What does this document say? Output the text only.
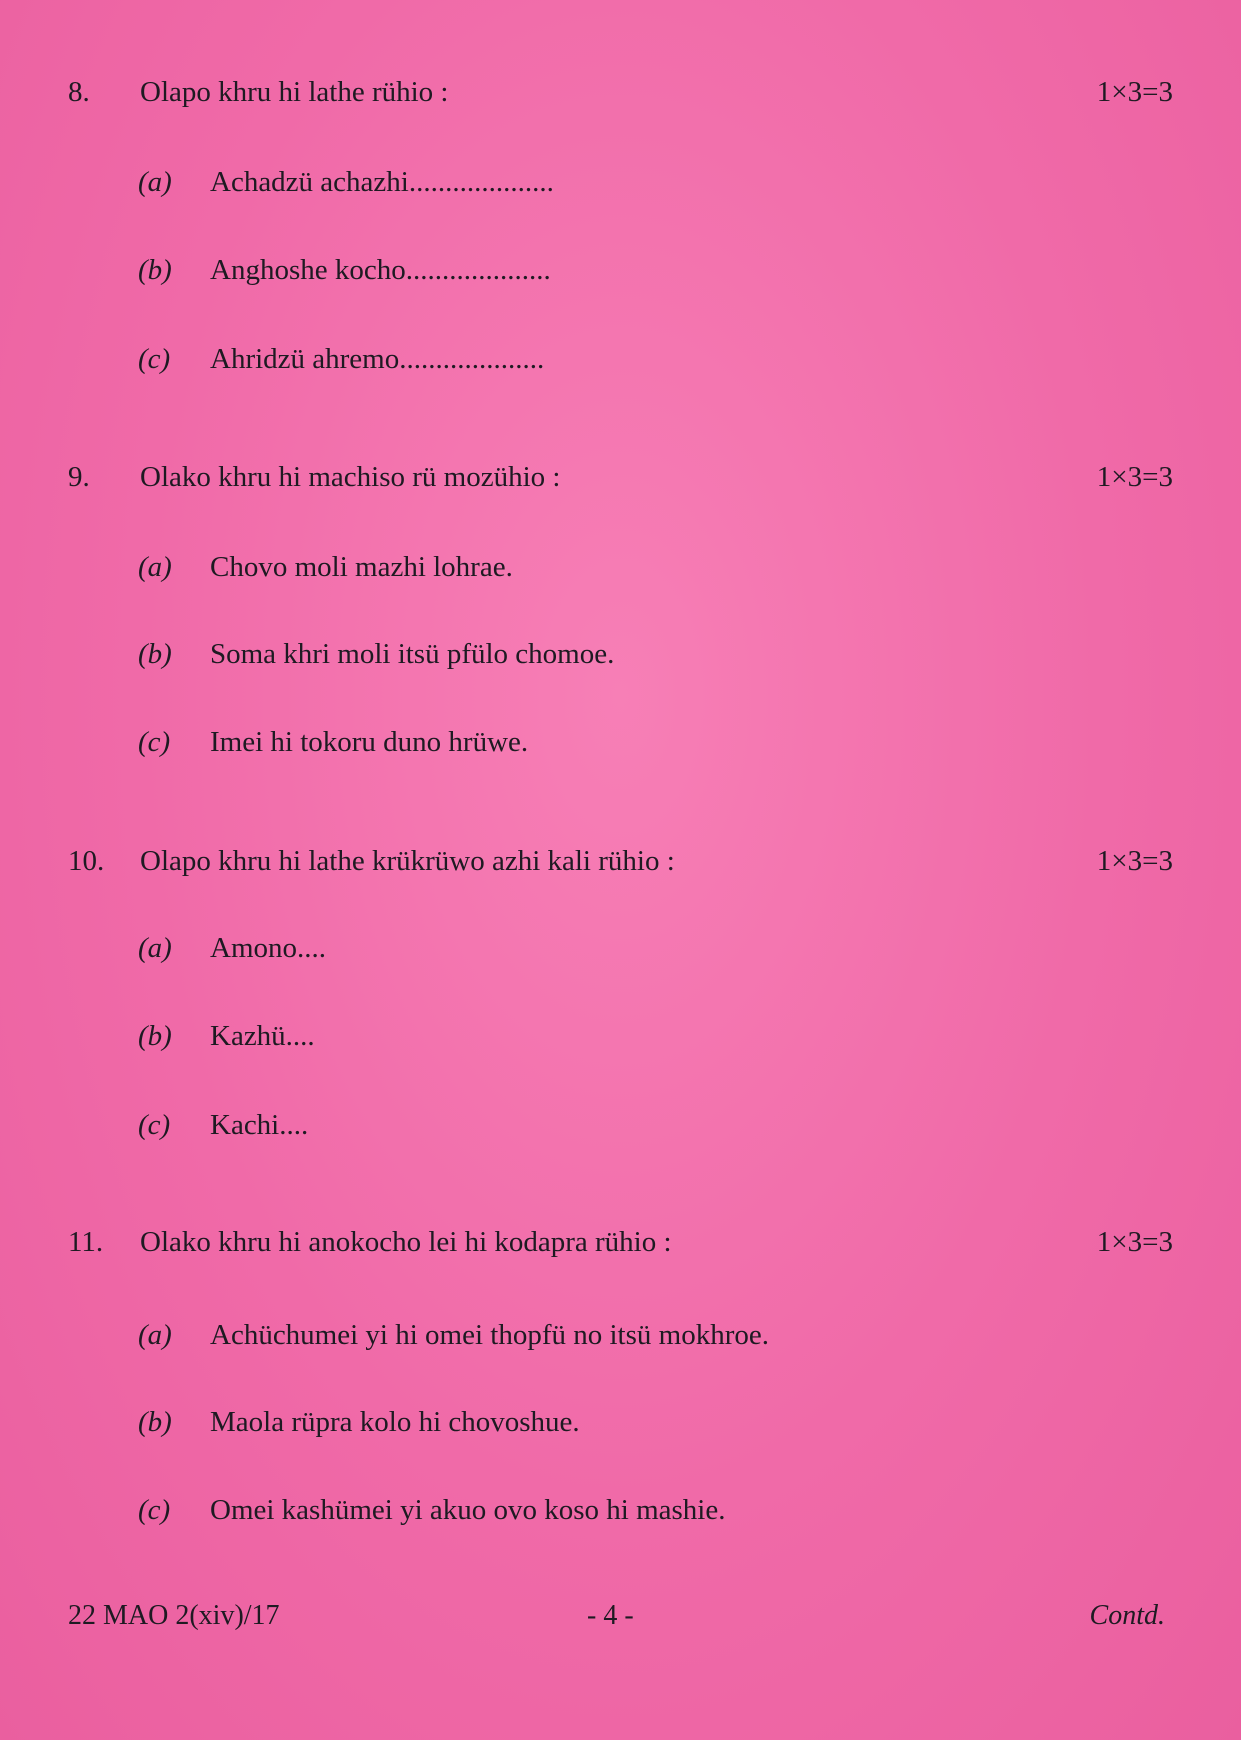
8. Olapo khru hi lathe rühio :	1×3=3
(a) Achadzü achazhi....................
(b) Anghoshe kocho....................
(c) Ahridzü ahremo....................
9. Olako khru hi machiso rü mozühio :	1×3=3
(a) Chovo moli mazhi lohrae.
(b) Soma khri moli itsü pfülo chomoe.
(c) Imei hi tokoru duno hrüwe.
10. Olapo khru hi lathe krükrüwo azhi kali rühio :	1×3=3
(a) Amono....
(b) Kazhü....
(c) Kachi....
11. Olako khru hi anokocho lei hi kodapra rühio :	1×3=3
(a) Achüchumei yi hi omei thopfü no itsü mokhroe.
(b) Maola rüpra kolo hi chovoshue.
(c) Omei kashümei yi akuo ovo koso hi mashie.
22 MAO 2(xiv)/17	- 4 -	Contd.
